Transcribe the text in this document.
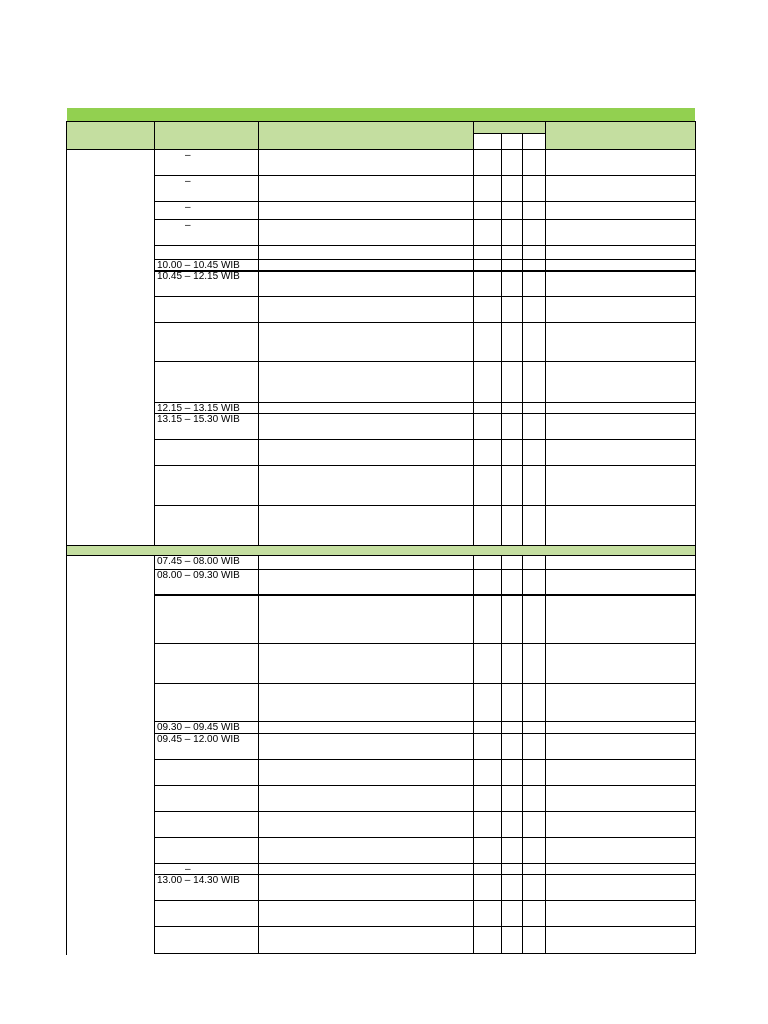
–
–
–
–
10.00 – 10.45 WIB
10.45 – 12.15 WIB
12.15 – 13.15 WIB
13.15 – 15.30 WIB
07.45 – 08.00 WIB
08.00 – 09.30 WIB
09.30 – 09.45 WIB
09.45 – 12.00 WIB
–
13.00 – 14.30 WIB
